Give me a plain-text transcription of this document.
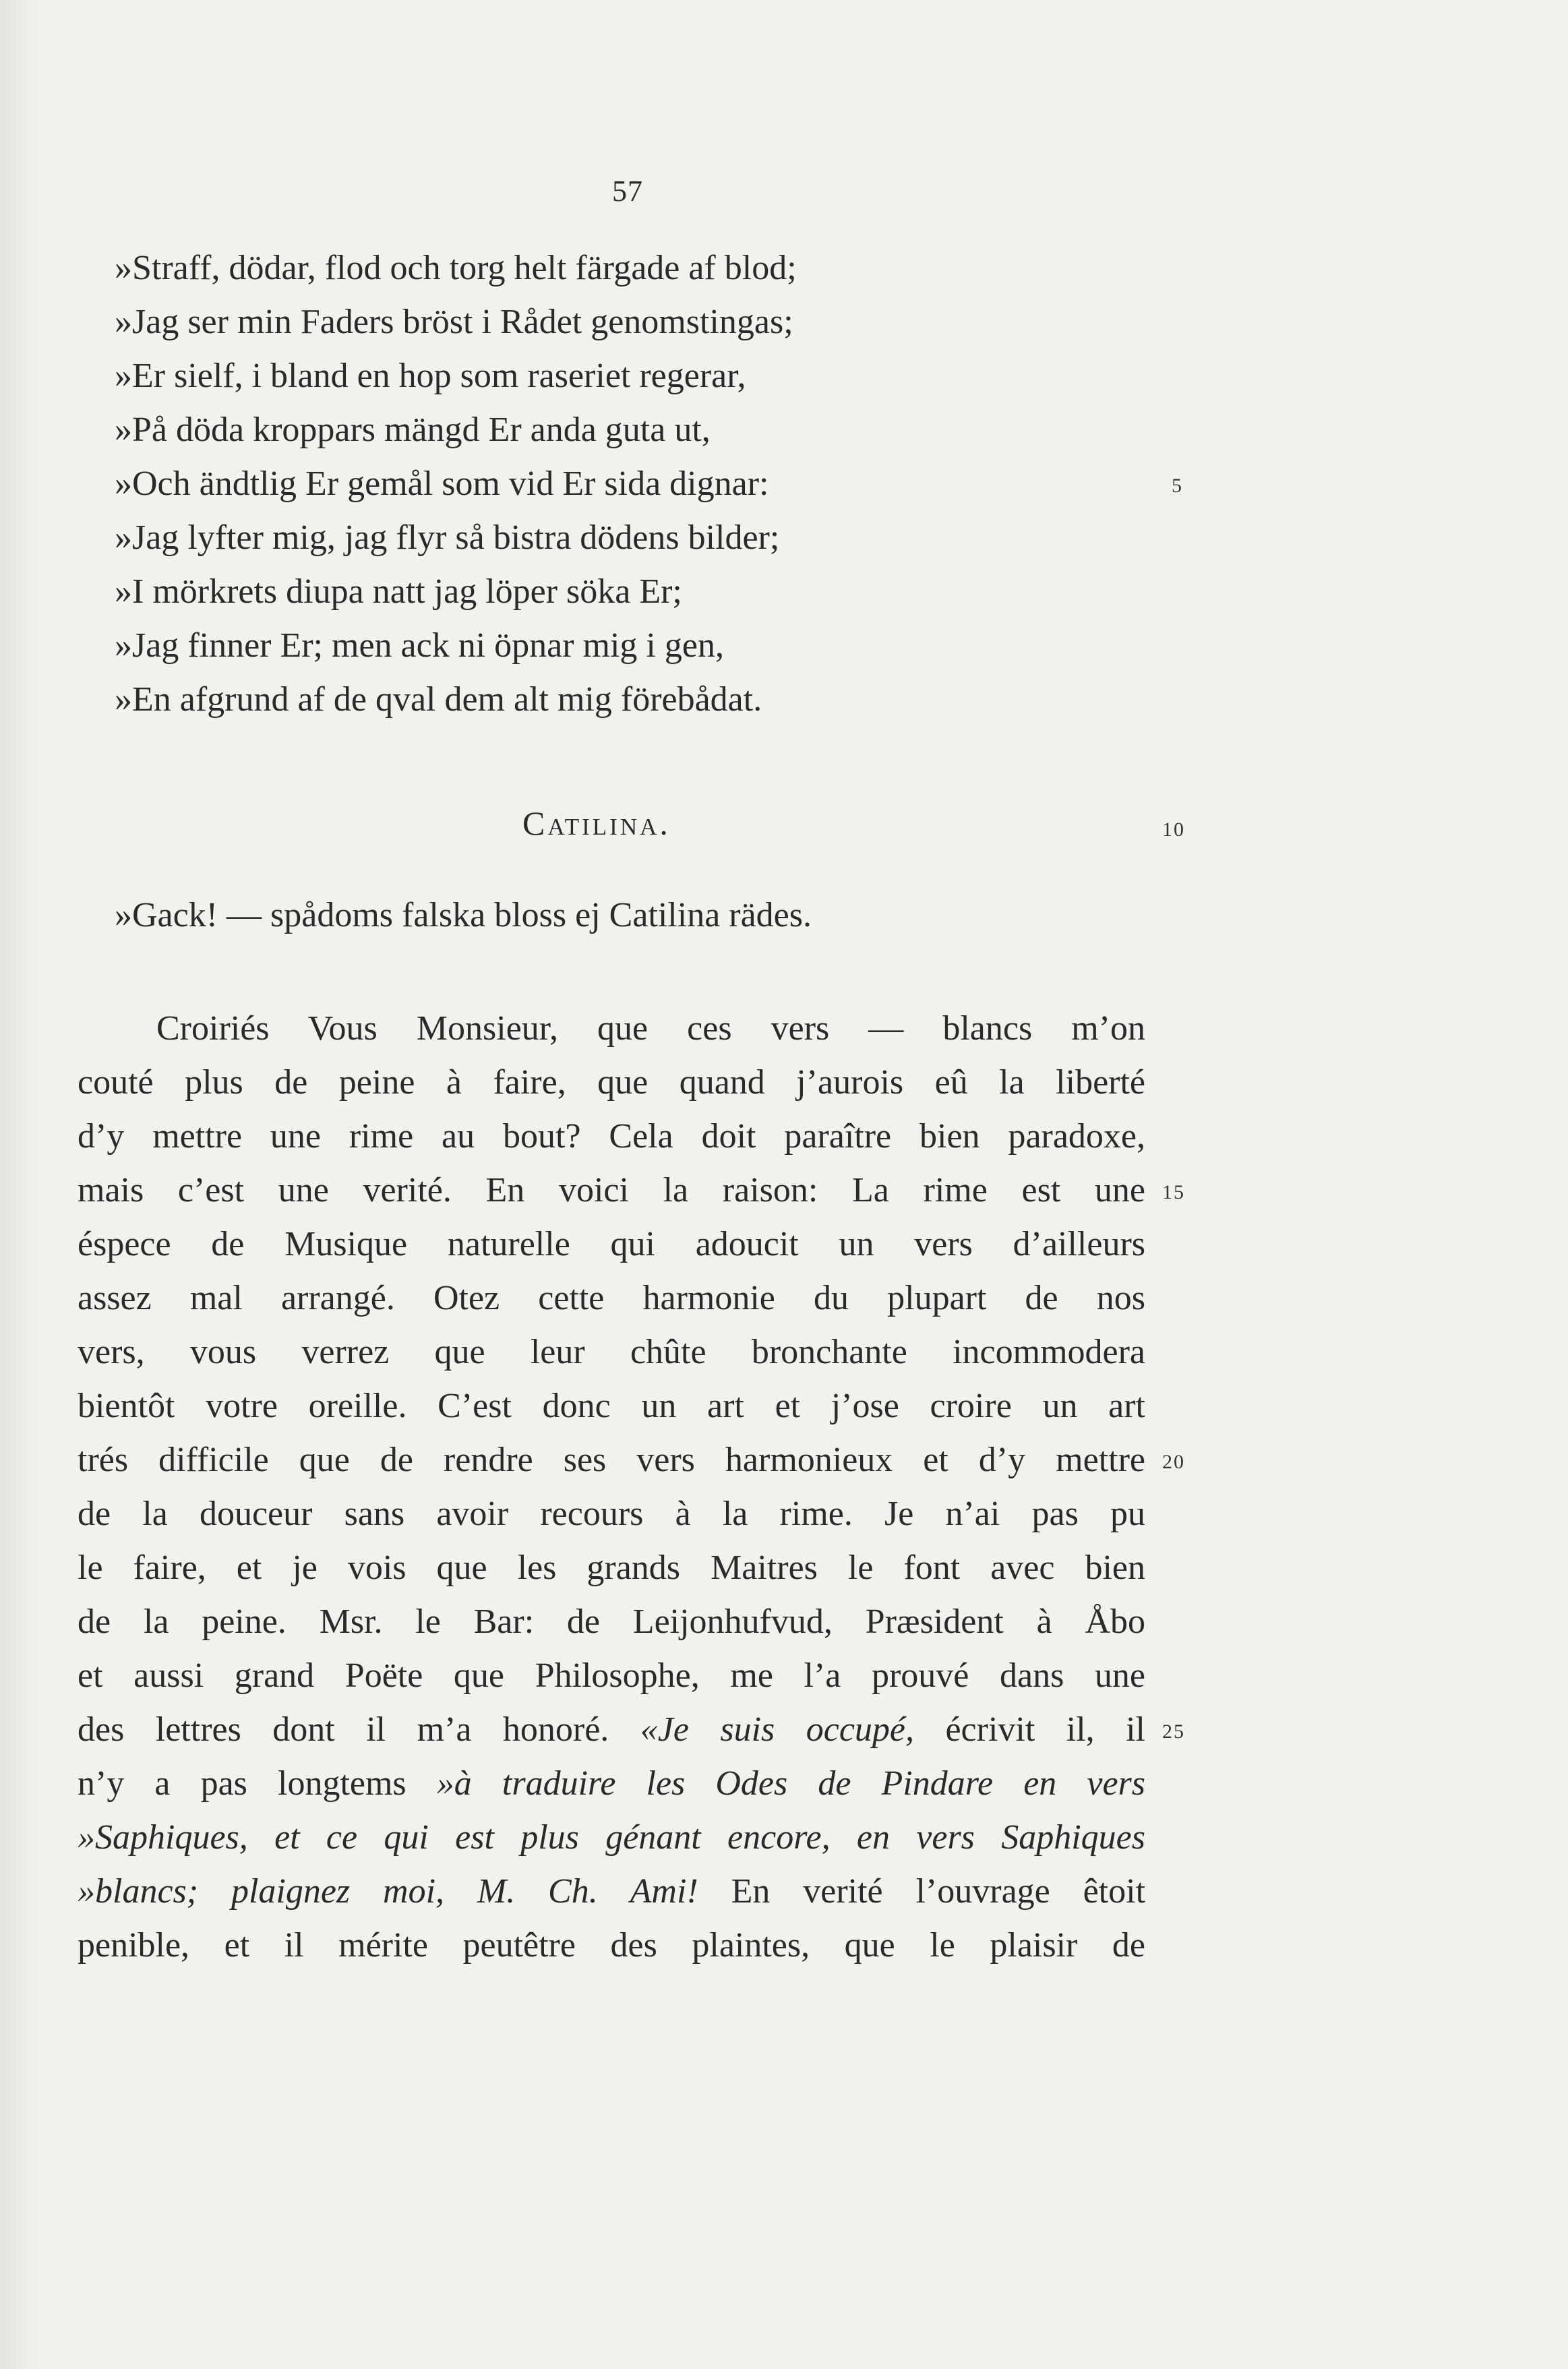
57
»Straff, dödar, flod och torg helt färgade af blod;
»Jag ser min Faders bröst i Rådet genomstingas;
»Er sielf, i bland en hop som raseriet regerar,
»På döda kroppars mängd Er anda guta ut,
»Och ändtlig Er gemål som vid Er sida dignar:
»Jag lyfter mig, jag flyr så bistra dödens bilder;
»I mörkrets diupa natt jag löper söka Er;
»Jag finner Er; men ack ni öpnar mig i gen,
»En afgrund af de qval dem alt mig förebådat.
Catilina.
»Gack! — spådoms falska bloss ej Catilina rädes.
Croiriés Vous Monsieur, que ces vers — blancs m’on
couté plus de peine à faire, que quand j’aurois eû la liberté
d’y mettre une rime au bout? Cela doit paraître bien paradoxe,
mais c’est une verité. En voici la raison: La rime est une
éspece de Musique naturelle qui adoucit un vers d’ailleurs
assez mal arrangé. Otez cette harmonie du plupart de nos
vers, vous verrez que leur chûte bronchante incommodera
bientôt votre oreille. C’est donc un art et j’ose croire un art
trés difficile que de rendre ses vers harmonieux et d’y mettre
de la douceur sans avoir recours à la rime. Je n’ai pas pu
le faire, et je vois que les grands Maitres le font avec bien
de la peine. Msr. le Bar: de Leijonhufvud, Præsident à Åbo
et aussi grand Poëte que Philosophe, me l’a prouvé dans une
des lettres dont il m’a honoré. «Je suis occupé, écrivit il, il
n’y a pas longtems »à traduire les Odes de Pindare en vers
»Saphiques, et ce qui est plus génant encore, en vers Saphiques
»blancs; plaignez moi, M. Ch. Ami! En verité l’ouvrage êtoit
penible, et il mérite peutêtre des plaintes, que le plaisir de
5
10
15
20
25
